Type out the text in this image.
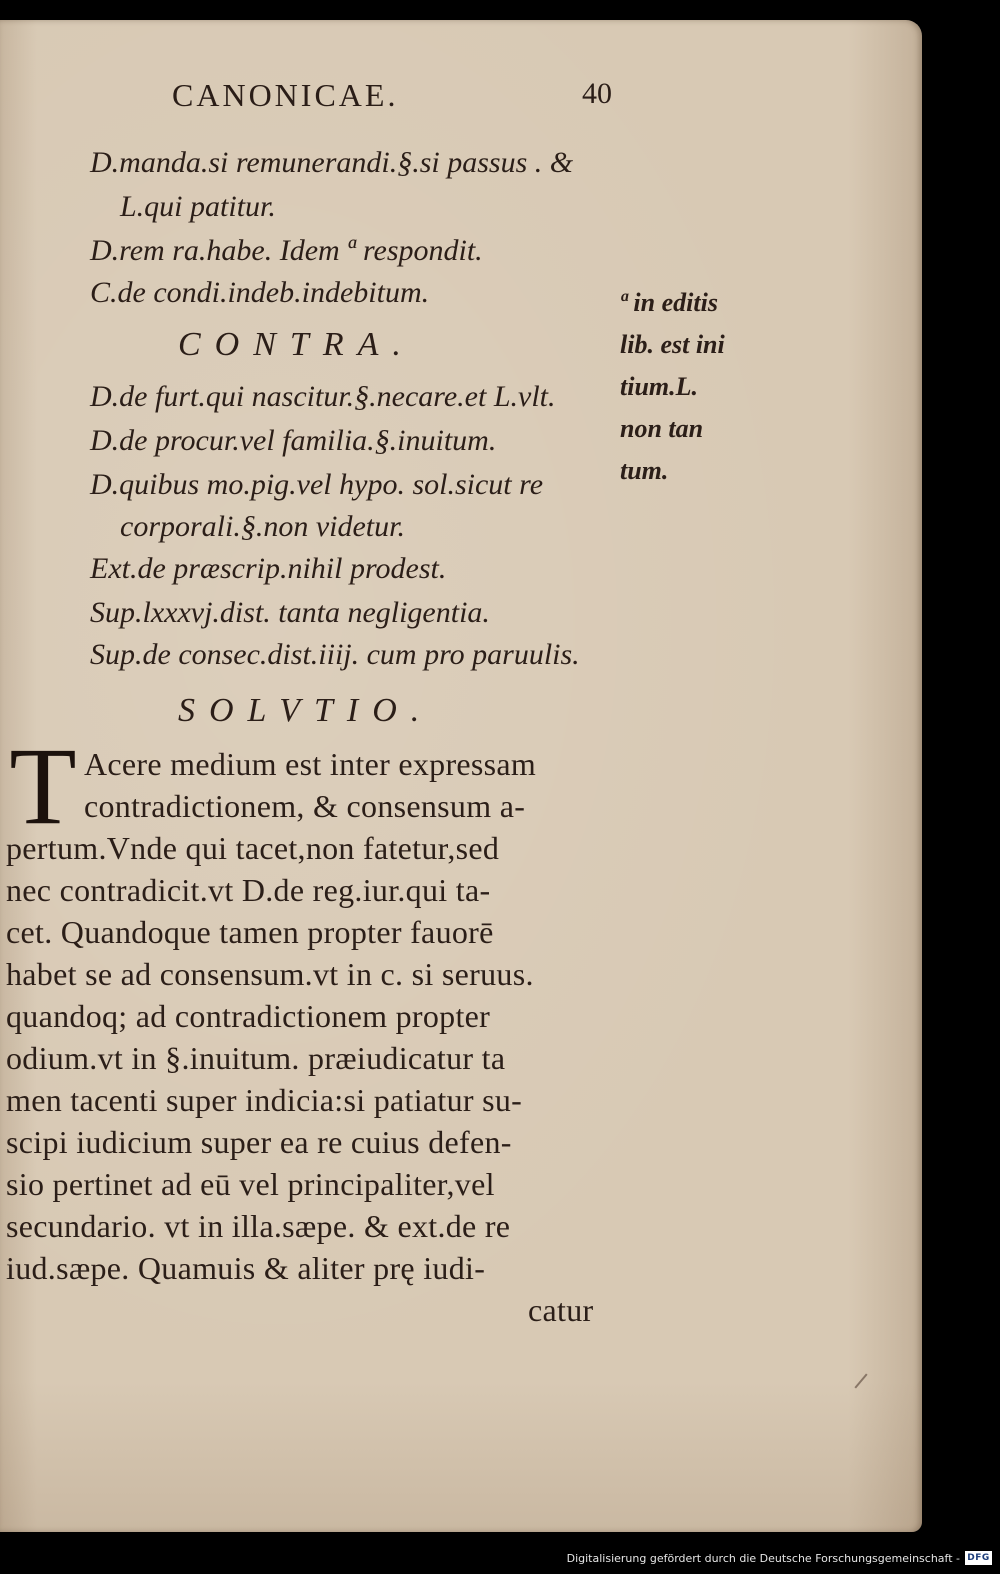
CANONICAE.	40
D.manda.si remunerandi.§.si passus . &
L.qui patitur.
D.rem ra.habe. Idem ª respondit.
C.de condi.indeb.indebitum.
CONTRA.
D.de furt.qui nascitur.§.necare.et L.vlt.
D.de procur.vel familia.§.inuitum.
D.quibus mo.pig.vel hypo. sol.sicut re
corporali.§.non videtur.
Ext.de præscrip.nihil prodest.
Sup.lxxxvj.dist. tanta negligentia.
Sup.de consec.dist.iiij. cum pro paruulis.
ª in editis
lib. est ini
tium.L.
non tan
tum.
SOLVTIO.
T Acere medium est inter expressam
contradictionem, & consensum a-
pertum.Vnde qui tacet,non fatetur,sed
nec contradicit.vt D.de reg.iur.qui ta-
cet. Quandoque tamen propter fauorē
habet se ad consensum.vt in c. si seruus.
quandoq; ad contradictionem propter
odium.vt in §.inuitum. præiudicatur ta
men tacenti super indicia:si patiatur su-
scipi iudicium super ea re cuius defen-
sio pertinet ad eū vel principaliter,vel
secundario. vt in illa.sæpe. & ext.de re
iud.sæpe. Quamuis & aliter prę iudi-
catur
Digitalisierung gefördert durch die Deutsche Forschungsgemeinschaft - DFG
